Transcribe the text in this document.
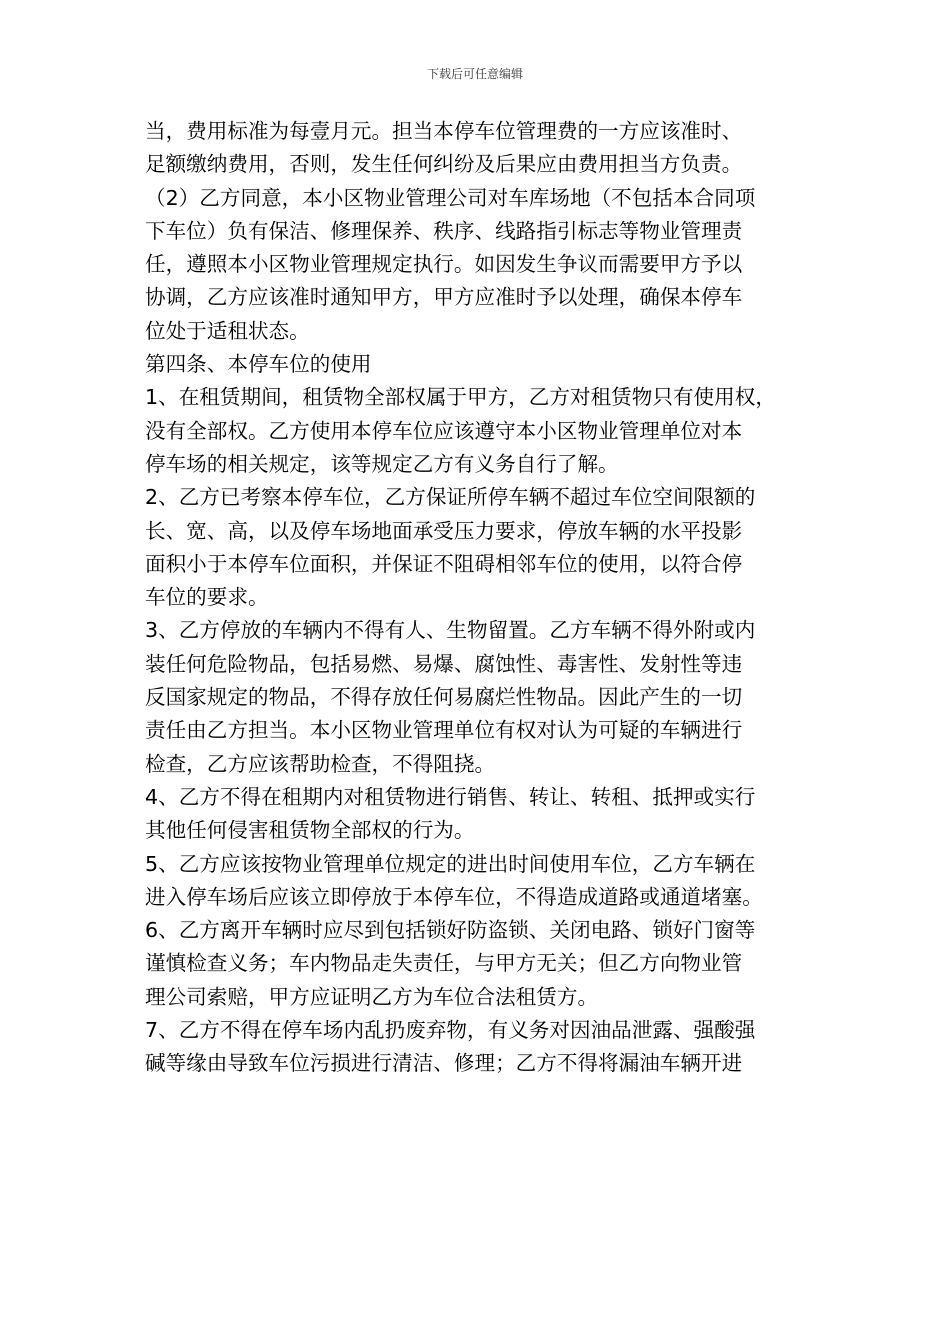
下载后可任意编辑
当，费用标准为每壹月元。担当本停车位管理费的一方应该准时、
足额缴纳费用，否则，发生任何纠纷及后果应由费用担当方负责。
（2）乙方同意，本小区物业管理公司对车库场地（不包括本合同项
下车位）负有保洁、修理保养、秩序、线路指引标志等物业管理责
任，遵照本小区物业管理规定执行。如因发生争议而需要甲方予以
协调，乙方应该准时通知甲方，甲方应准时予以处理，确保本停车
位处于适租状态。
第四条、本停车位的使用
1、在租赁期间，租赁物全部权属于甲方，乙方对租赁物只有使用权，
没有全部权。乙方使用本停车位应该遵守本小区物业管理单位对本
停车场的相关规定，该等规定乙方有义务自行了解。
2、乙方已考察本停车位，乙方保证所停车辆不超过车位空间限额的
长、宽、高，以及停车场地面承受压力要求，停放车辆的水平投影
面积小于本停车位面积，并保证不阻碍相邻车位的使用，以符合停
车位的要求。
3、乙方停放的车辆内不得有人、生物留置。乙方车辆不得外附或内
装任何危险物品，包括易燃、易爆、腐蚀性、毒害性、发射性等违
反国家规定的物品，不得存放任何易腐烂性物品。因此产生的一切
责任由乙方担当。本小区物业管理单位有权对认为可疑的车辆进行
检查，乙方应该帮助检查，不得阻挠。
4、乙方不得在租期内对租赁物进行销售、转让、转租、抵押或实行
其他任何侵害租赁物全部权的行为。
5、乙方应该按物业管理单位规定的进出时间使用车位，乙方车辆在
进入停车场后应该立即停放于本停车位，不得造成道路或通道堵塞。
6、乙方离开车辆时应尽到包括锁好防盗锁、关闭电路、锁好门窗等
谨慎检查义务；车内物品走失责任，与甲方无关；但乙方向物业管
理公司索赔，甲方应证明乙方为车位合法租赁方。
7、乙方不得在停车场内乱扔废弃物，有义务对因油品泄露、强酸强
碱等缘由导致车位污损进行清洁、修理；乙方不得将漏油车辆开进
